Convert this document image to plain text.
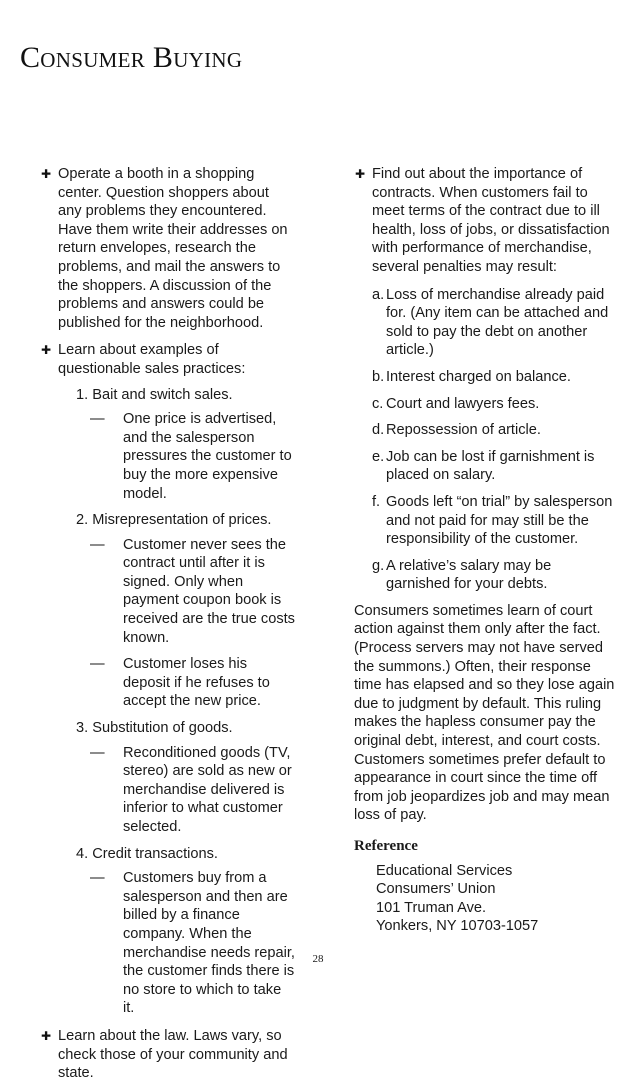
Consumer Buying
✚ Operate a booth in a shopping center. Question shoppers about any problems they encountered. Have them write their addresses on return envelopes, research the problems, and mail the answers to the shoppers. A discussion of the problems and answers could be published for the neighborhood.
✚ Learn about examples of questionable sales practices:
1. Bait and switch sales.
— One price is advertised, and the salesperson pressures the customer to buy the more expensive model.
2. Misrepresentation of prices.
— Customer never sees the contract until after it is signed. Only when payment coupon book is received are the true costs known.
— Customer loses his deposit if he refuses to accept the new price.
3. Substitution of goods.
— Reconditioned goods (TV, stereo) are sold as new or merchandise delivered is inferior to what customer selected.
4. Credit transactions.
— Customers buy from a salesperson and then are billed by a finance company. When the merchandise needs repair, the customer finds there is no store to which to take it.
✚ Learn about the law. Laws vary, so check those of your community and state.
✚ Find out about the importance of contracts. When customers fail to meet terms of the contract due to ill health, loss of jobs, or dissatisfaction with performance of merchandise, several penalties may result:
a. Loss of merchandise already paid for. (Any item can be attached and sold to pay the debt on another article.)
b. Interest charged on balance.
c. Court and lawyers fees.
d. Repossession of article.
e. Job can be lost if garnishment is placed on salary.
f. Goods left “on trial” by salesperson and not paid for may still be the responsibility of the customer.
g. A relative’s salary may be garnished for your debts.

Consumers sometimes learn of court action against them only after the fact. (Process servers may not have served the summons.) Often, their response time has elapsed and so they lose again due to judgment by default. This ruling makes the hapless consumer pay the original debt, interest, and court costs. Customers sometimes prefer default to appearance in court since the time off from job jeopardizes job and may mean loss of pay.

Reference

Educational Services

Consumers’ Union

101 Truman Ave.

Yonkers, NY 10703-1057

28
